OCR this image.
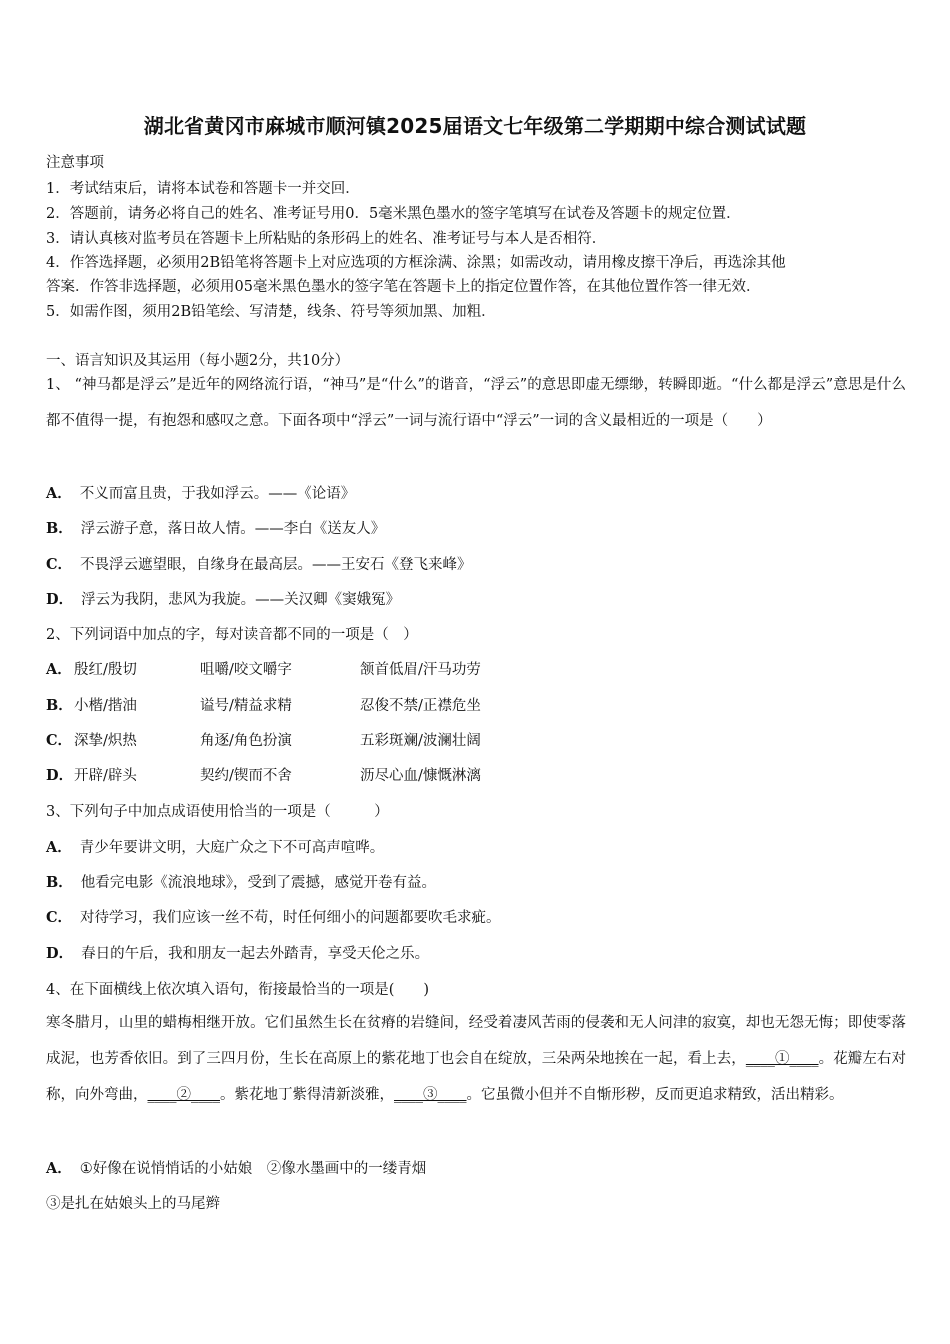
湖北省黄冈市麻城市顺河镇2025届语文七年级第二学期期中综合测试试题
注意事项
1．考试结束后，请将本试卷和答题卡一并交回．
2．答题前，请务必将自己的姓名、准考证号用0．5毫米黑色墨水的签字笔填写在试卷及答题卡的规定位置．
3．请认真核对监考员在答题卡上所粘贴的条形码上的姓名、准考证号与本人是否相符．
4．作答选择题，必须用2B铅笔将答题卡上对应选项的方框涂满、涂黑；如需改动，请用橡皮擦干净后，再选涂其他
答案．作答非选择题，必须用05毫米黑色墨水的签字笔在答题卡上的指定位置作答，在其他位置作答一律无效．
5．如需作图，须用2B铅笔绘、写清楚，线条、符号等须加黑、加粗．
一、语言知识及其运用（每小题2分，共10分）
1、 “神马都是浮云”是近年的网络流行语，“神马”是“什么”的谐音，“浮云”的意思即虚无缥缈，转瞬即逝。“什么都是浮云”意思是什么都不值得一提，有抱怨和感叹之意。下面各项中“浮云”一词与流行语中“浮云”一词的含义最相近的一项是（　　）
A． 不义而富且贵，于我如浮云。——《论语》
B． 浮云游子意，落日故人情。——李白《送友人》
C． 不畏浮云遮望眼，自缘身在最高层。——王安石《登飞来峰》
D． 浮云为我阴，悲风为我旋。——关汉卿《窦娥冤》
2、下列词语中加点的字，每对读音都不同的一项是（　）
A． 殷红/殷切	咀嚼/咬文嚼字	颔首低眉/汗马功劳
B． 小楷/揩油	谥号/精益求精	忍俊不禁/正襟危坐
C． 深挚/炽热	角逐/角色扮演	五彩斑斓/波澜壮阔
D． 开辟/辟头	契约/锲而不舍	沥尽心血/慷慨淋漓
3、下列句子中加点成语使用恰当的一项是（　　　）
A． 青少年要讲文明，大庭广众之下不可高声喧哗。
B． 他看完电影《流浪地球》，受到了震撼，感觉开卷有益。
C． 对待学习，我们应该一丝不苟，时任何细小的问题都要吹毛求疵。
D． 春日的午后，我和朋友一起去外踏青，享受天伦之乐。
4、在下面横线上依次填入语句，衔接最恰当的一项是(　　)
寒冬腊月，山里的蜡梅相继开放。它们虽然生长在贫瘠的岩缝间，经受着凄风苦雨的侵袭和无人问津的寂寞，却也无怨无悔；即使零落成泥，也芳香依旧。到了三四月份，生长在高原上的紫花地丁也会自在绽放，三朵两朵地挨在一起，看上去，____①____。花瓣左右对称，向外弯曲，____②____。紫花地丁紫得清新淡雅，____③____。它虽微小但并不自惭形秽，反而更追求精致，活出精彩。
A． ①好像在说悄悄话的小姑娘　②像水墨画中的一缕青烟
③是扎在姑娘头上的马尾辫
